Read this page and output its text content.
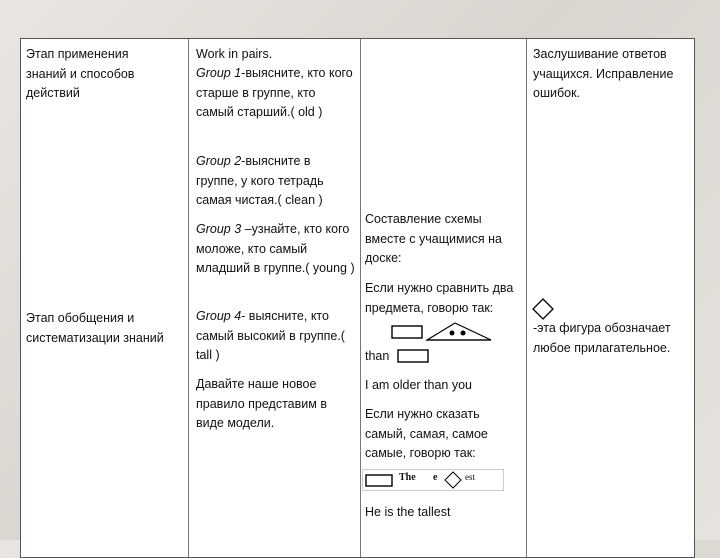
Этап применения
знаний и способов
действий
Этап обобщения и
систематизации знаний
Work in pairs.
Group 1-выясните, кто кого старше в группе, кто самый старший.( old )
Group 2-выясните в группе, у кого тетрадь самая чистая.( clean )
Group 3 –узнайте, кто кого моложе, кто самый младший в группе.( young )
Group 4- выясните, кто самый высокий в группе.( tall )
Давайте наше новое правило представим в виде модели.
Составление схемы вместе с учащимися на доске:
Если нужно сравнить два предмета, говорю так:
than
I am older than you
Если нужно сказать самый, самая, самое самые, говорю так:
The e	est
He is the tallest
Заслушивание ответов учащихся. Исправление ошибок.
-эта фигура обозначает любое прилагательное.
